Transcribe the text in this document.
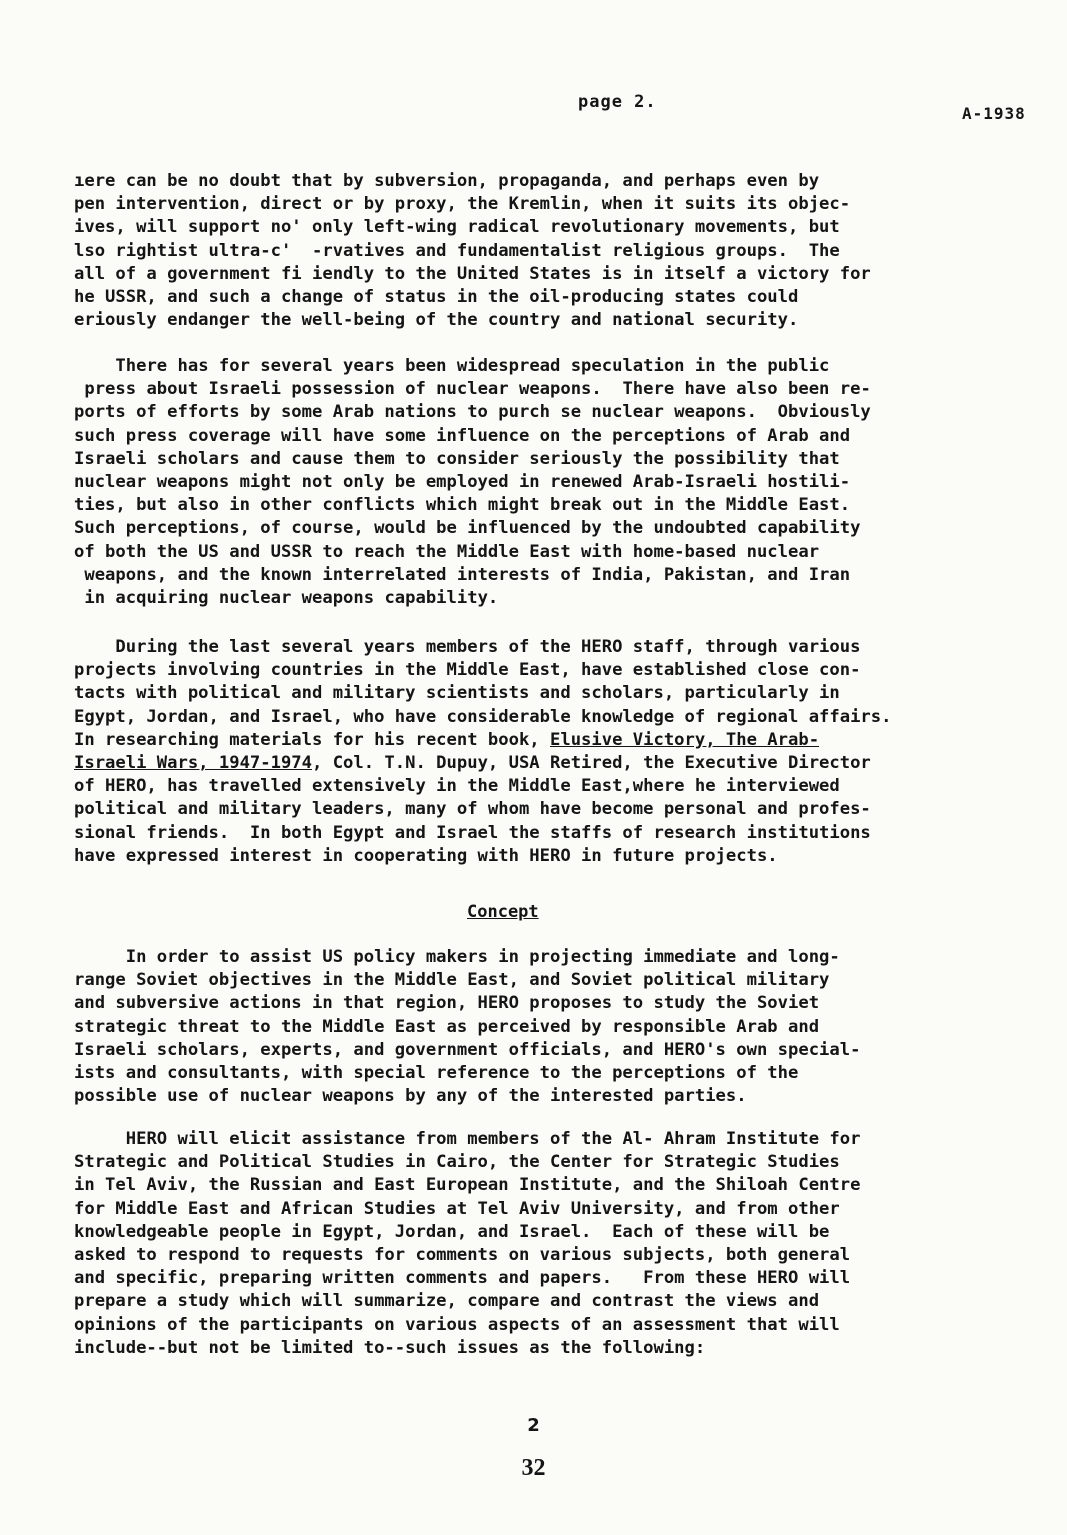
page 2.
A-1938

ıere can be no doubt that by subversion, propaganda, and perhaps even by
pen intervention, direct or by proxy, the Kremlin, when it suits its objec-
ives, will support no' only left-wing radical revolutionary movements, but
lso rightist ultra-c'  -rvatives and fundamentalist religious groups.  The
all of a government fi iendly to the United States is in itself a victory for
he USSR, and such a change of status in the oil-producing states could
eriously endanger the well-being of the country and national security.

There has for several years been widespread speculation in the public
press about Israeli possession of nuclear weapons.  There have also been re-
ports of efforts by some Arab nations to purch se nuclear weapons.  Obviously
such press coverage will have some influence on the perceptions of Arab and
Israeli scholars and cause them to consider seriously the possibility that
nuclear weapons might not only be employed in renewed Arab-Israeli hostili-
ties, but also in other conflicts which might break out in the Middle East.
Such perceptions, of course, would be influenced by the undoubted capability
of both the US and USSR to reach the Middle East with home-based nuclear
weapons, and the known interrelated interests of India, Pakistan, and Iran
in acquiring nuclear weapons capability.

During the last several years members of the HERO staff, through various
projects involving countries in the Middle East, have established close con-
tacts with political and military scientists and scholars, particularly in
Egypt, Jordan, and Israel, who have considerable knowledge of regional affairs.
In researching materials for his recent book, Elusive Victory, The Arab-
Israeli Wars, 1947-1974, Col. T.N. Dupuy, USA Retired, the Executive Director
of HERO, has travelled extensively in the Middle East,where he interviewed
political and military leaders, many of whom have become personal and profes-
sional friends.  In both Egypt and Israel the staffs of research institutions
have expressed interest in cooperating with HERO in future projects.

Concept

In order to assist US policy makers in projecting immediate and long-
range Soviet objectives in the Middle East, and Soviet political military
and subversive actions in that region, HERO proposes to study the Soviet
strategic threat to the Middle East as perceived by responsible Arab and
Israeli scholars, experts, and government officials, and HERO's own special-
ists and consultants, with special reference to the perceptions of the
possible use of nuclear weapons by any of the interested parties.

HERO will elicit assistance from members of the Al- Ahram Institute for
Strategic and Political Studies in Cairo, the Center for Strategic Studies
in Tel Aviv, the Russian and East European Institute, and the Shiloah Centre
for Middle East and African Studies at Tel Aviv University, and from other
knowledgeable people in Egypt, Jordan, and Israel.  Each of these will be
asked to respond to requests for comments on various subjects, both general
and specific, preparing written comments and papers.   From these HERO will
prepare a study which will summarize, compare and contrast the views and
opinions of the participants on various aspects of an assessment that will
include--but not be limited to--such issues as the following:

2
32
